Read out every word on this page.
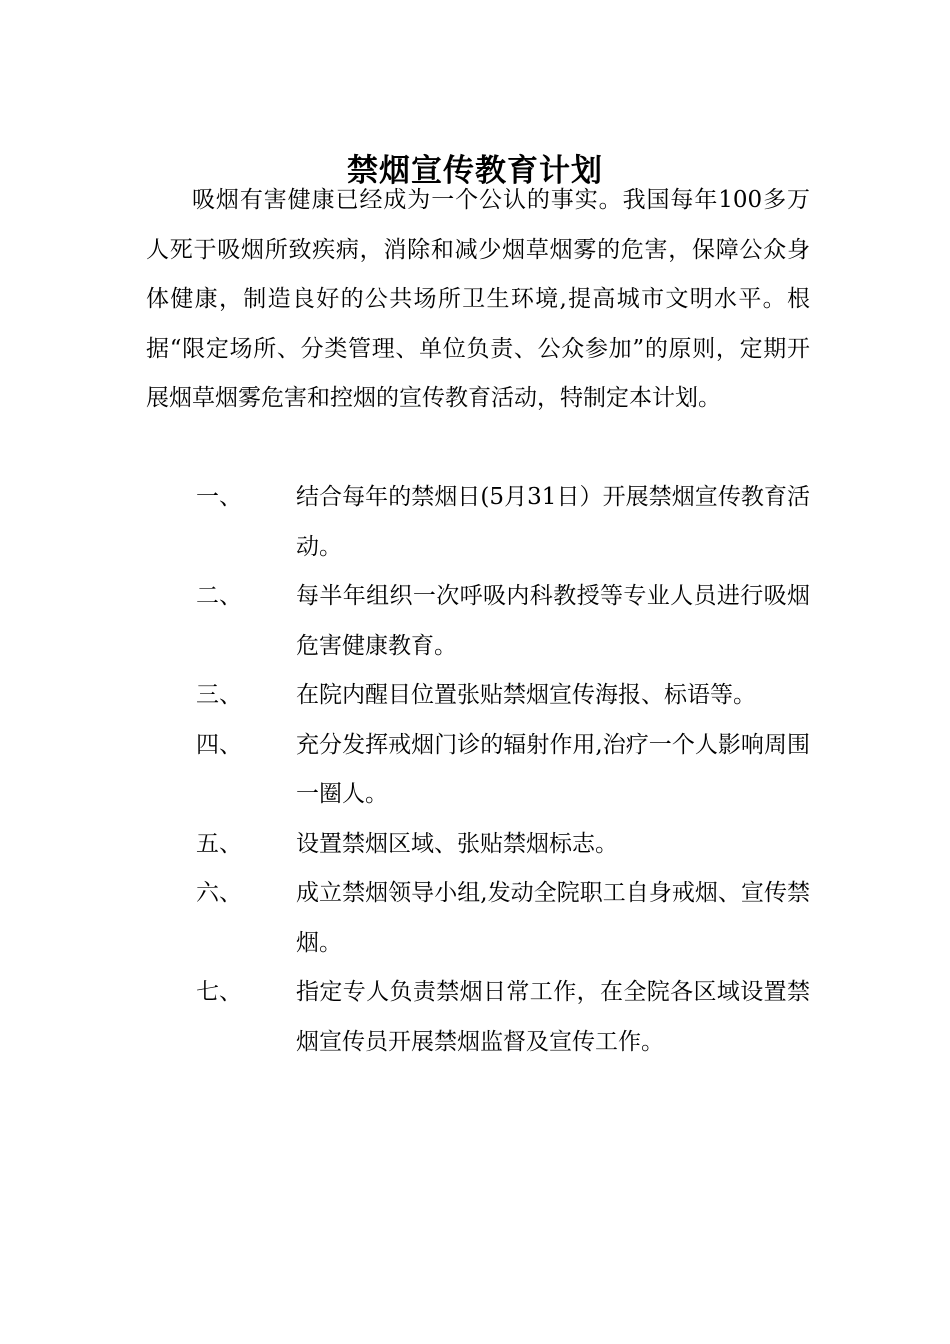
禁烟宣传教育计划

吸烟有害健康已经成为一个公认的事实。我国每年100多万人死于吸烟所致疾病，消除和减少烟草烟雾的危害，保障公众身体健康，制造良好的公共场所卫生环境,提高城市文明水平。根据“限定场所、分类管理、单位负责、公众参加”的原则，定期开展烟草烟雾危害和控烟的宣传教育活动，特制定本计划。

一、 结合每年的禁烟日(5月31日）开展禁烟宣传教育活动。

二、 每半年组织一次呼吸内科教授等专业人员进行吸烟危害健康教育。

三、 在院内醒目位置张贴禁烟宣传海报、标语等。

四、 充分发挥戒烟门诊的辐射作用,治疗一个人影响周围一圈人。

五、 设置禁烟区域、张贴禁烟标志。

六、 成立禁烟领导小组,发动全院职工自身戒烟、宣传禁烟。

七、 指定专人负责禁烟日常工作，在全院各区域设置禁烟宣传员开展禁烟监督及宣传工作。
